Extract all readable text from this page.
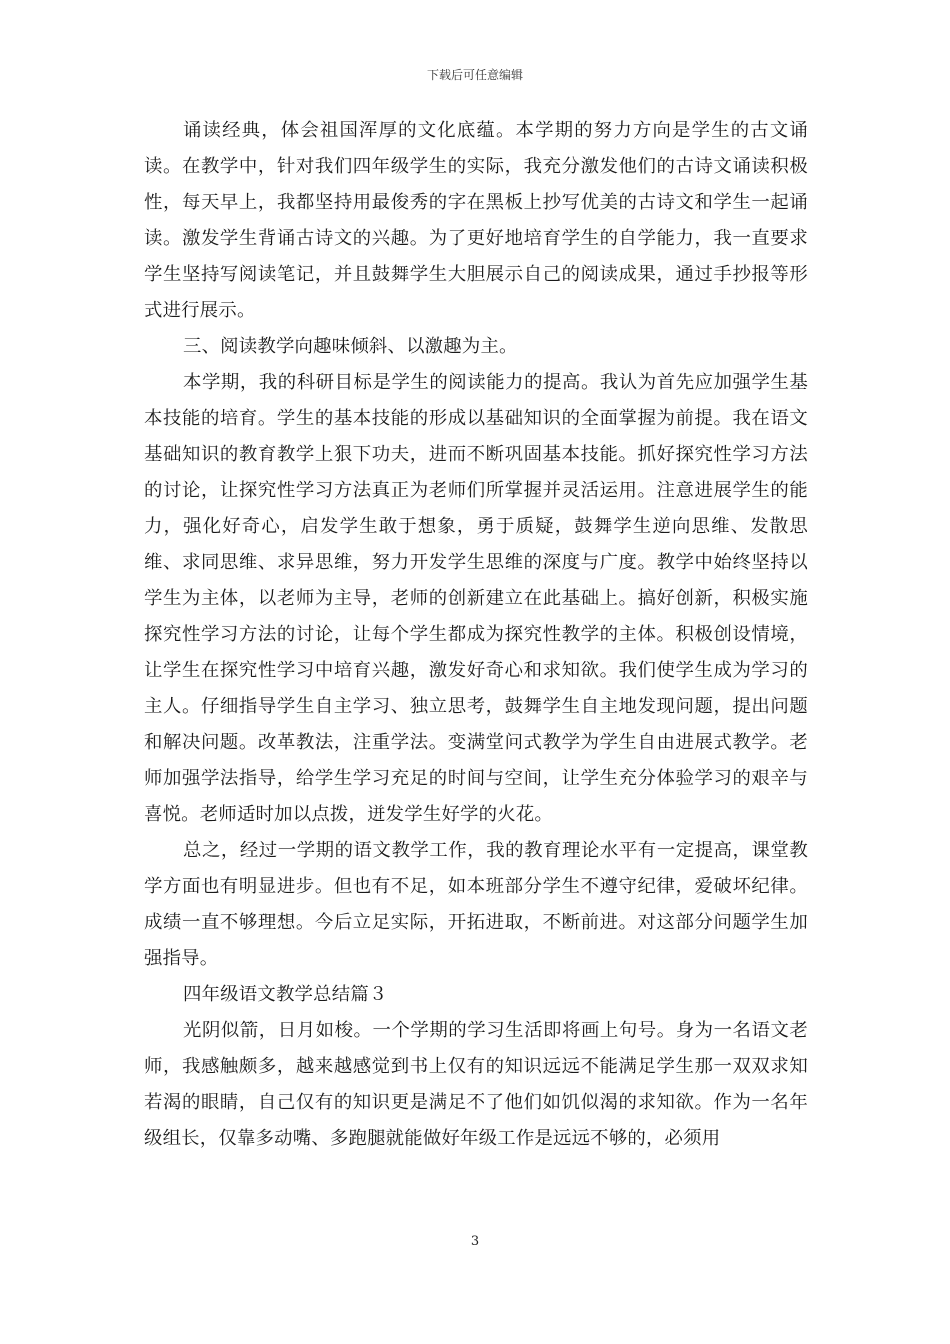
下载后可任意编辑

诵读经典，体会祖国浑厚的文化底蕴。本学期的努力方向是学生的古文诵读。在教学中，针对我们四年级学生的实际，我充分激发他们的古诗文诵读积极性，每天早上，我都坚持用最俊秀的字在黑板上抄写优美的古诗文和学生一起诵读。激发学生背诵古诗文的兴趣。为了更好地培育学生的自学能力，我一直要求学生坚持写阅读笔记，并且鼓舞学生大胆展示自己的阅读成果，通过手抄报等形式进行展示。

三、阅读教学向趣味倾斜、以激趣为主。

本学期，我的科研目标是学生的阅读能力的提高。我认为首先应加强学生基本技能的培育。学生的基本技能的形成以基础知识的全面掌握为前提。我在语文基础知识的教育教学上狠下功夫，进而不断巩固基本技能。抓好探究性学习方法的讨论，让探究性学习方法真正为老师们所掌握并灵活运用。注意进展学生的能力，强化好奇心，启发学生敢于想象，勇于质疑，鼓舞学生逆向思维、发散思维、求同思维、求异思维，努力开发学生思维的深度与广度。教学中始终坚持以学生为主体，以老师为主导，老师的创新建立在此基础上。搞好创新，积极实施探究性学习方法的讨论，让每个学生都成为探究性教学的主体。积极创设情境，让学生在探究性学习中培育兴趣，激发好奇心和求知欲。我们使学生成为学习的主人。仔细指导学生自主学习、独立思考，鼓舞学生自主地发现问题，提出问题和解决问题。改革教法，注重学法。变满堂问式教学为学生自由进展式教学。老师加强学法指导，给学生学习充足的时间与空间，让学生充分体验学习的艰辛与喜悦。老师适时加以点拨，迸发学生好学的火花。

总之，经过一学期的语文教学工作，我的教育理论水平有一定提高，课堂教学方面也有明显进步。但也有不足，如本班部分学生不遵守纪律，爱破坏纪律。成绩一直不够理想。今后立足实际，开拓进取，不断前进。对这部分问题学生加强指导。

四年级语文教学总结篇３

光阴似箭，日月如梭。一个学期的学习生活即将画上句号。身为一名语文老师，我感触颇多，越来越感觉到书上仅有的知识远远不能满足学生那一双双求知若渴的眼睛，自己仅有的知识更是满足不了他们如饥似渴的求知欲。作为一名年级组长，仅靠多动嘴、多跑腿就能做好年级工作是远远不够的，必须用

3
